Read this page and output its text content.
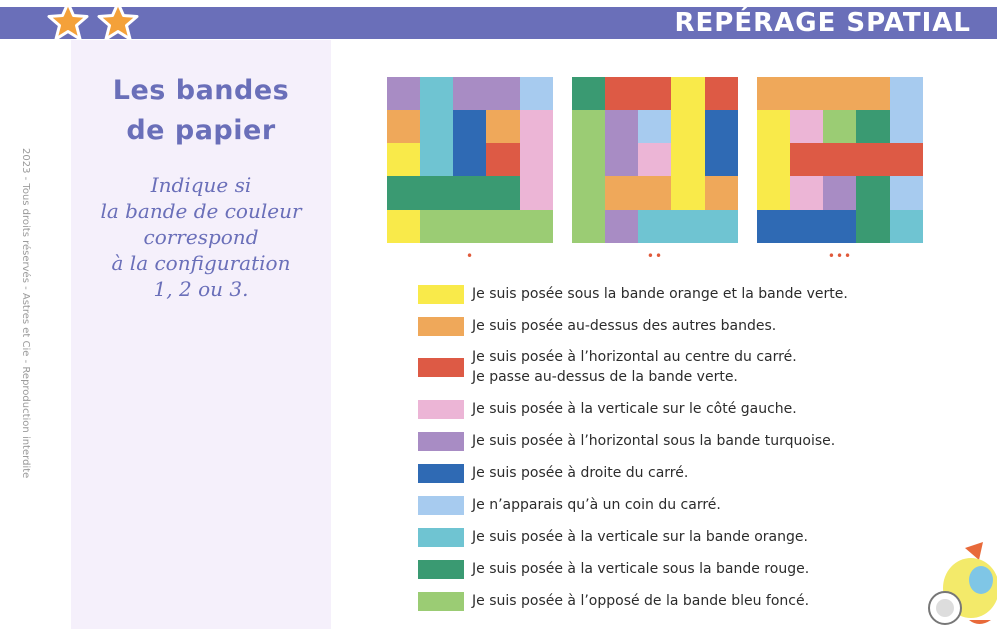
REPÉRAGE SPATIAL
2023 - Tous droits réservés - Astres et Cie - Reproduction interdite
Les bandes
de papier
Indique si
la bande de couleur
correspond
à la configuration
1, 2 ou 3.
•	••	•••
Je suis posée sous la bande orange et la bande verte.
Je suis posée au-dessus des autres bandes.
Je suis posée à l’horizontal au centre du carré.
Je passe au-dessus de la bande verte.
Je suis posée à la verticale sur le côté gauche.
Je suis posée à l’horizontal sous la bande turquoise.
Je suis posée à droite du carré.
Je n’apparais qu’à un coin du carré.
Je suis posée à la verticale sur la bande orange.
Je suis posée à la verticale sous la bande rouge.
Je suis posée à l’opposé de la bande bleu foncé.
